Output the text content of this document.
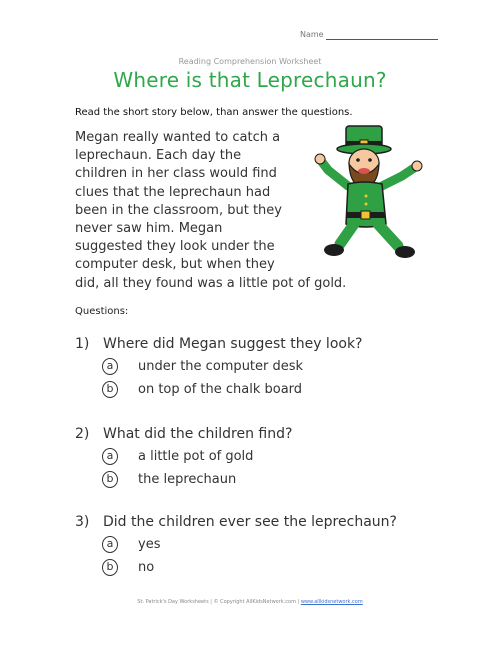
Name
Reading Comprehension Worksheet
Where is that Leprechaun?
Read the short story below, than answer the questions.
Megan really wanted to catch a
leprechaun. Each day the
children in her class would find
clues that the leprechaun had
been in the classroom, but they
never saw him. Megan
suggested they look under the
computer desk, but when they
did, all they found was a little pot of gold.
Questions:
1) Where did Megan suggest they look?
a	under the computer desk
b	on top of the chalk board
2) What did the children find?
a	a little pot of gold
b	the leprechaun
3) Did the children ever see the leprechaun?
a	yes
b	no
St. Patrick's Day Worksheets | © Copyright AllKidsNetwork.com | www.allkidsnetwork.com
